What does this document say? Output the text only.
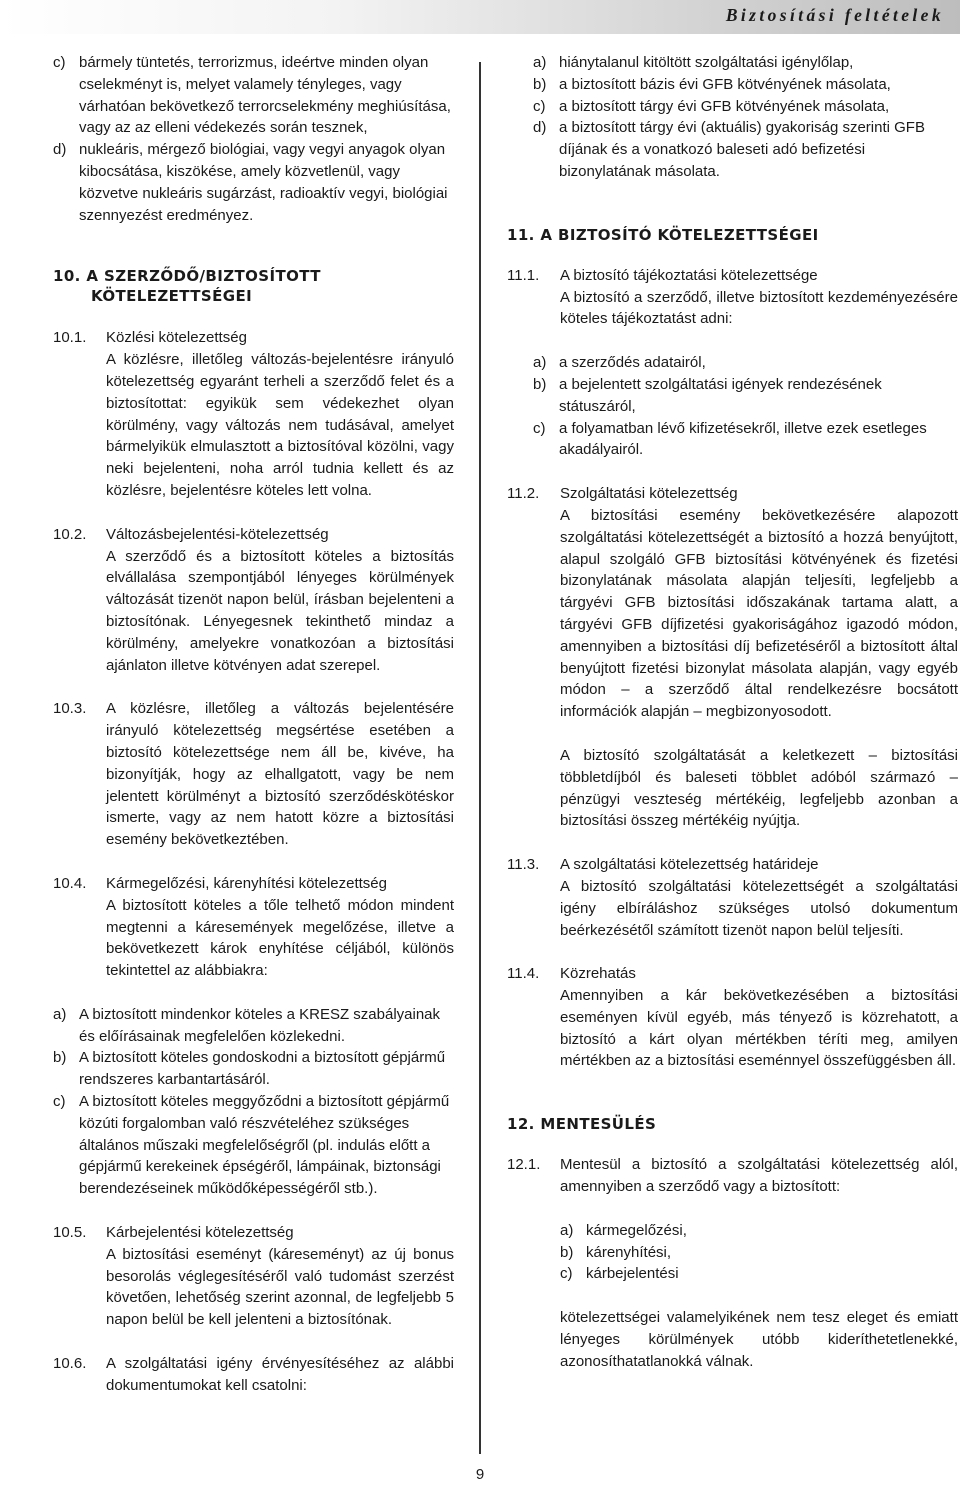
Biztosítási feltételek
c) bármely tüntetés, terrorizmus, ideértve minden olyan cselekményt is, melyet valamely tényleges, vagy várhatóan bekövetkező terrorcselekmény meghiúsítása, vagy az az elleni védekezés során tesznek,
d) nukleáris, mérgező biológiai, vagy vegyi anyagok olyan kibocsátása, kiszökése, amely közvetlenül, vagy közvetve nukleáris sugárzást, radioaktív vegyi, biológiai szennyezést eredményez.
10. A SZERZŐDŐ/BIZTOSÍTOTT
KÖTELEZETTSÉGEI
10.1.	Közlési kötelezettség
A közlésre, illetőleg változás-bejelentésre irányuló kötelezettség egyaránt terheli a szerződő felet és a biztosítottat: egyikük sem védekezhet olyan körülmény, vagy változás nem tudásával, amelyet bármelyikük elmulasztott a biztosítóval közölni, vagy neki bejelenteni, noha arról tudnia kellett és az közlésre, bejelentésre köteles lett volna.
10.2.	Változásbejelentési-kötelezettség
A szerződő és a biztosított köteles a biztosítás elvállalása szempontjából lényeges körülmények változását tizenöt napon belül, írásban bejelenteni a biztosítónak. Lényegesnek tekinthető mindaz a körülmény, amelyekre vonatkozóan a biztosítási ajánlaton illetve kötvényen adat szerepel.
10.3.	A közlésre, illetőleg a változás bejelentésére irányuló kötelezettség megsértése esetében a biztosító kötelezettsége nem áll be, kivéve, ha bizonyítják, hogy az elhallgatott, vagy be nem jelentett körülményt a biztosító szerződéskötéskor ismerte, vagy az nem hatott közre a biztosítási esemény bekövetkeztében.
10.4.	Kármegelőzési, kárenyhítési kötelezettség
A biztosított köteles a tőle telhető módon mindent megtenni a káresemények megelőzése, illetve a bekövetkezett károk enyhítése céljából, különös tekintettel az alábbiakra:
a) A biztosított mindenkor köteles a KRESZ szabályainak és előírásainak megfelelően közlekedni.
b) A biztosított köteles gondoskodni a biztosított gépjármű rendszeres karbantartásáról.
c) A biztosított köteles meggyőződni a biztosított gépjármű közúti forgalomban való részvételéhez szükséges általános műszaki megfelelőségről (pl. indulás előtt a gépjármű kerekeinek épségéről, lámpáinak, biztonsági berendezéseinek működőképességéről stb.).
10.5.	Kárbejelentési kötelezettség
A biztosítási eseményt (káreseményt) az új bonus besorolás véglegesítéséről való tudomást szerzést követően, lehetőség szerint azonnal, de legfeljebb 5 napon belül be kell jelenteni a biztosítónak.
10.6.	A szolgáltatási igény érvényesítéséhez az alábbi dokumentumokat kell csatolni:
a) hiánytalanul kitöltött szolgáltatási igénylőlap,
b) a biztosított bázis évi GFB kötvényének másolata,
c) a biztosított tárgy évi GFB kötvényének másolata,
d) a biztosított tárgy évi (aktuális) gyakoriság szerinti GFB díjának és a vonatkozó baleseti adó befizetési bizonylatának másolata.
11. A BIZTOSÍTÓ KÖTELEZETTSÉGEI
11.1.	A biztosító tájékoztatási kötelezettsége
A biztosító a szerződő, illetve biztosított kezdeményezésére köteles tájékoztatást adni:
a) a szerződés adatairól,
b) a bejelentett szolgáltatási igények rendezésének státuszáról,
c) a folyamatban lévő kifizetésekről, illetve ezek esetleges akadályairól.
11.2.	Szolgáltatási kötelezettség
A biztosítási esemény bekövetkezésére alapozott szolgáltatási kötelezettségét a biztosító a hozzá benyújtott, alapul szolgáló GFB biztosítási kötvényének és fizetési bizonylatának másolata alapján teljesíti, legfeljebb a tárgyévi GFB biztosítási időszakának tartama alatt, a tárgyévi GFB díjfizetési gyakoriságához igazodó módon, amennyiben a biztosítási díj befizetéséről a biztosított által benyújtott fizetési bizonylat másolata alapján, vagy egyéb módon – a szerződő által rendelkezésre bocsátott információk alapján – megbizonyosodott.
A biztosító szolgáltatását a keletkezett – biztosítási többletdíjból és baleseti többlet adóból származó – pénzügyi veszteség mértékéig, legfeljebb azonban a biztosítási összeg mértékéig nyújtja.
11.3.	A szolgáltatási kötelezettség határideje
A biztosító szolgáltatási kötelezettségét a szolgáltatási igény elbíráláshoz szükséges utolsó dokumentum beérkezésétől számított tizenöt napon belül teljesíti.
11.4.	Közrehatás
Amennyiben a kár bekövetkezésében a biztosítási eseményen kívül egyéb, más tényező is közrehatott, a biztosító a kárt olyan mértékben téríti meg, amilyen mértékben az a biztosítási eseménnyel összefüggésben áll.
12. MENTESÜLÉS
12.1.	Mentesül a biztosító a szolgáltatási kötelezettség alól, amennyiben a szerződő vagy a biztosított:
a) kármegelőzési,
b) kárenyhítési,
c) kárbejelentési
kötelezettségei valamelyikének nem tesz eleget és emiatt lényeges körülmények utóbb kideríthetetlenekké, azonosíthatatlanokká válnak.
9
